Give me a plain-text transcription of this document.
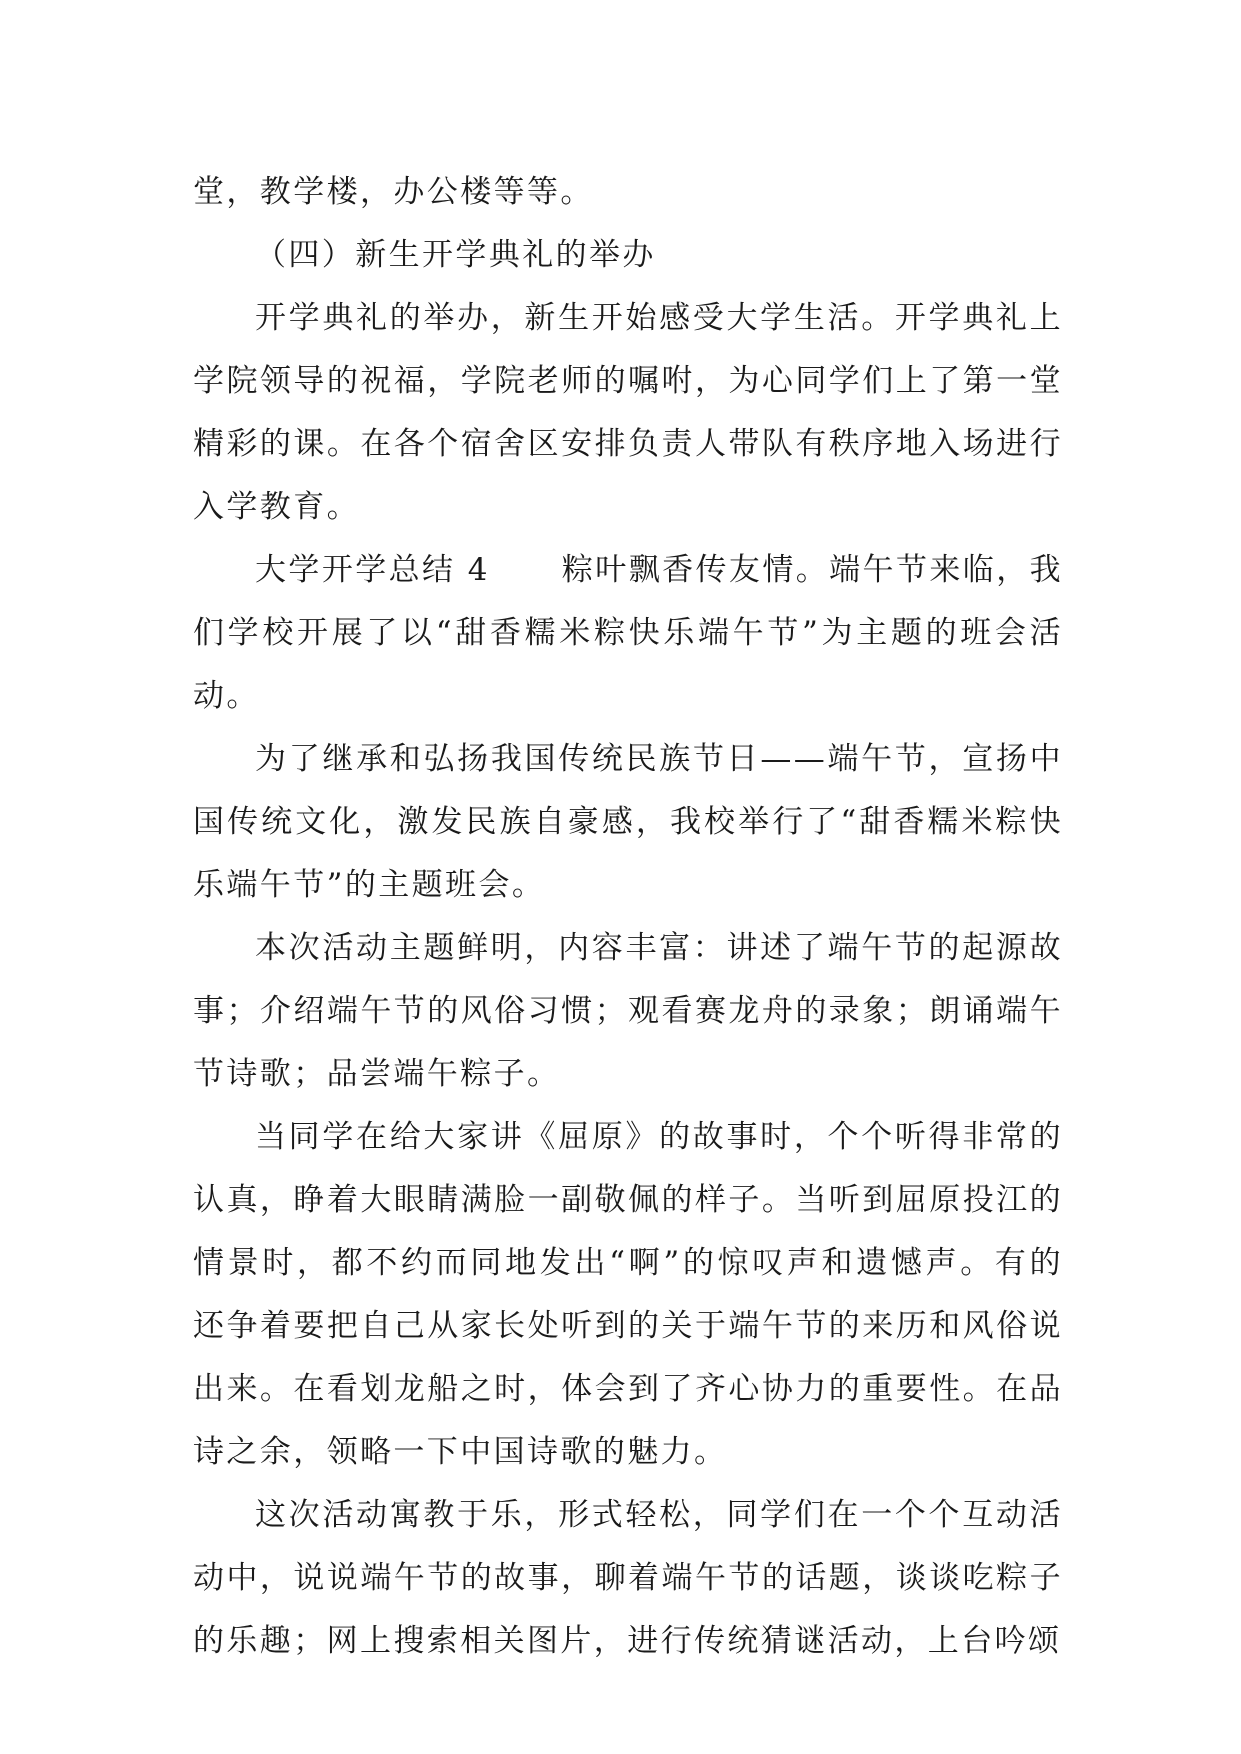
堂，教学楼，办公楼等等。

（四）新生开学典礼的举办

开学典礼的举办，新生开始感受大学生活。开学典礼上学院领导的祝福，学院老师的嘱咐，为心同学们上了第一堂精彩的课。在各个宿舍区安排负责人带队有秩序地入场进行入学教育。

大学开学总结 4 粽叶飘香传友情。端午节来临，我们学校开展了以“甜香糯米粽快乐端午节”为主题的班会活动。

为了继承和弘扬我国传统民族节日——端午节，宣扬中国传统文化，激发民族自豪感，我校举行了“甜香糯米粽快乐端午节”的主题班会。

本次活动主题鲜明，内容丰富：讲述了端午节的起源故事；介绍端午节的风俗习惯；观看赛龙舟的录象；朗诵端午节诗歌；品尝端午粽子。

当同学在给大家讲《屈原》的故事时，个个听得非常的认真，睁着大眼睛满脸一副敬佩的样子。当听到屈原投江的情景时，都不约而同地发出“啊”的惊叹声和遗憾声。有的还争着要把自己从家长处听到的关于端午节的来历和风俗说出来。在看划龙船之时，体会到了齐心协力的重要性。在品诗之余，领略一下中国诗歌的魅力。

这次活动寓教于乐，形式轻松，同学们在一个个互动活动中，说说端午节的故事，聊着端午节的话题，谈谈吃粽子的乐趣；网上搜索相关图片，进行传统猜谜活动，上台吟颂
